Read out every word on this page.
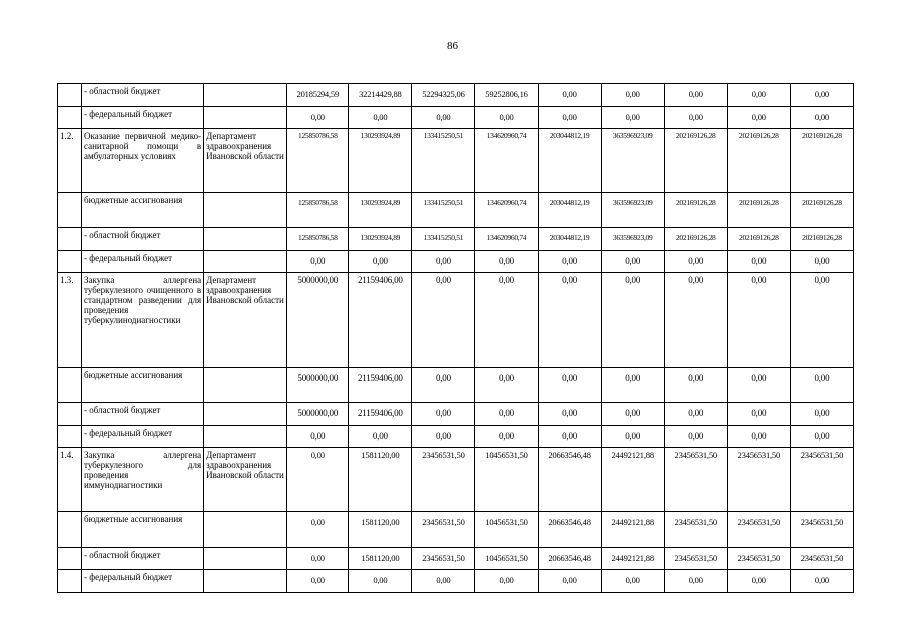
86
	- областной бюджет		20185294,59	32214429,88	52294325,06	59252806,16	0,00	0,00	0,00	0,00	0,00
	- федеральный бюджет		0,00	0,00	0,00	0,00	0,00	0,00	0,00	0,00	0,00
1.2.	Оказание первичной медико-санитарной помощи в амбулаторных условиях	Департамент здравоохранения Ивановской области	125850786,58	130293924,89	133415250,51	134620960,74	203044812,19	363596923,09	202169126,28	202169126,28	202169126,28
	бюджетные ассигнования		125850786,58	130293924,89	133415250,51	134620960,74	203044812,19	363596923,09	202169126,28	202169126,28	202169126,28
	- областной бюджет		125850786,58	130293924,89	133415250,51	134620960,74	203044812,19	363596923,09	202169126,28	202169126,28	202169126,28
	- федеральный бюджет		0,00	0,00	0,00	0,00	0,00	0,00	0,00	0,00	0,00
1.3.	Закупка аллергена туберкулезного очищенного в стандартном разведении для проведения туберкулинодиагностики	Департамент здравоохранения Ивановской области	5000000,00	21159406,00	0,00	0,00	0,00	0,00	0,00	0,00	0,00
	бюджетные ассигнования		5000000,00	21159406,00	0,00	0,00	0,00	0,00	0,00	0,00	0,00
	- областной бюджет		5000000,00	21159406,00	0,00	0,00	0,00	0,00	0,00	0,00	0,00
	- федеральный бюджет		0,00	0,00	0,00	0,00	0,00	0,00	0,00	0,00	0,00
1.4.	Закупка аллергена туберкулезного для проведения иммунодиагностики	Департамент здравоохранения Ивановской области	0,00	1581120,00	23456531,50	10456531,50	20663546,48	24492121,88	23456531,50	23456531,50	23456531,50
	бюджетные ассигнования		0,00	1581120,00	23456531,50	10456531,50	20663546,48	24492121,88	23456531,50	23456531,50	23456531,50
	- областной бюджет		0,00	1581120,00	23456531,50	10456531,50	20663546,48	24492121,88	23456531,50	23456531,50	23456531,50
	- федеральный бюджет		0,00	0,00	0,00	0,00	0,00	0,00	0,00	0,00	0,00
